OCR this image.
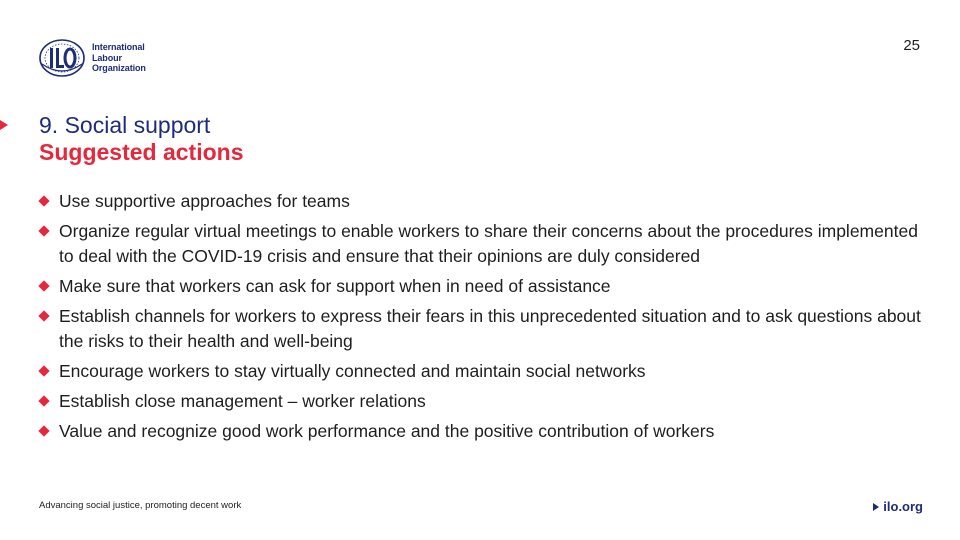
International
Labour
Organization
25
9. Social support
Suggested actions
Use supportive approaches for teams
Organize regular virtual meetings to enable workers to share their concerns about the procedures implemented to deal with the COVID-19 crisis and ensure that their opinions are duly considered
Make sure that workers can ask for support when in need of assistance
Establish channels for workers to express their fears in this unprecedented situation and to ask questions about the risks to their health and well-being
Encourage workers to stay virtually connected and maintain social networks
Establish close management – worker relations
Value and recognize good work performance and the positive contribution of workers
Advancing social justice, promoting decent work	ilo.org
